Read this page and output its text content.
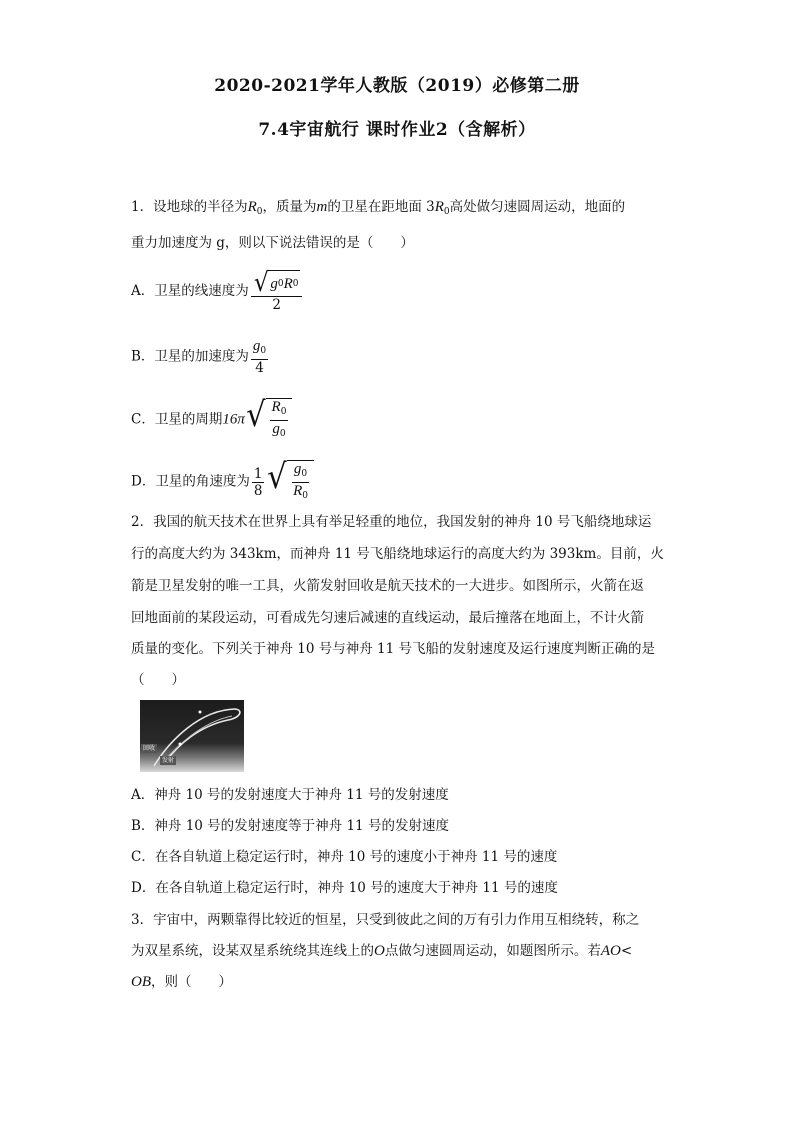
2020-2021学年人教版（2019）必修第二册
7.4宇宙航行 课时作业2（含解析）
1．设地球的半径为$R_0$，质量为m的卫星在距地面 $3R_0$高处做匀速圆周运动，地面的
重力加速度为 g，则以下说法错误的是（　　）
A．卫星的线速度为 $\frac{√ g 0 R 0}{2}$
B．卫星的加速度为 $\frac{g_0}{4}$
C．卫星的周期16π √ $\frac{R_0}{g_0}$
D．卫星的角速度为 $\frac{1}{8}$ √ $\frac{g_0}{R_0}$
2．我国的航天技术在世界上具有举足轻重的地位，我国发射的神舟 10 号飞船绕地球运
行的高度大约为 343km，而神舟 11 号飞船绕地球运行的高度大约为 393km。目前，火
箭是卫星发射的唯一工具，火箭发射回收是航天技术的一大进步。如图所示，火箭在返
回地面前的某段运动，可看成先匀速后减速的直线运动，最后撞落在地面上，不计火箭
质量的变化。下列关于神舟 10 号与神舟 11 号飞船的发射速度及运行速度判断正确的是
（　　）
回收
发射
A．神舟 10 号的发射速度大于神舟 11 号的发射速度
B．神舟 10 号的发射速度等于神舟 11 号的发射速度
C．在各自轨道上稳定运行时，神舟 10 号的速度小于神舟 11 号的速度
D．在各自轨道上稳定运行时，神舟 10 号的速度大于神舟 11 号的速度
3．宇宙中，两颗靠得比较近的恒星，只受到彼此之间的万有引力作用互相绕转，称之
为双星系统，设某双星系统绕其连线上的O点做匀速圆周运动，如题图所示。若AO<
OB，则（　　）
